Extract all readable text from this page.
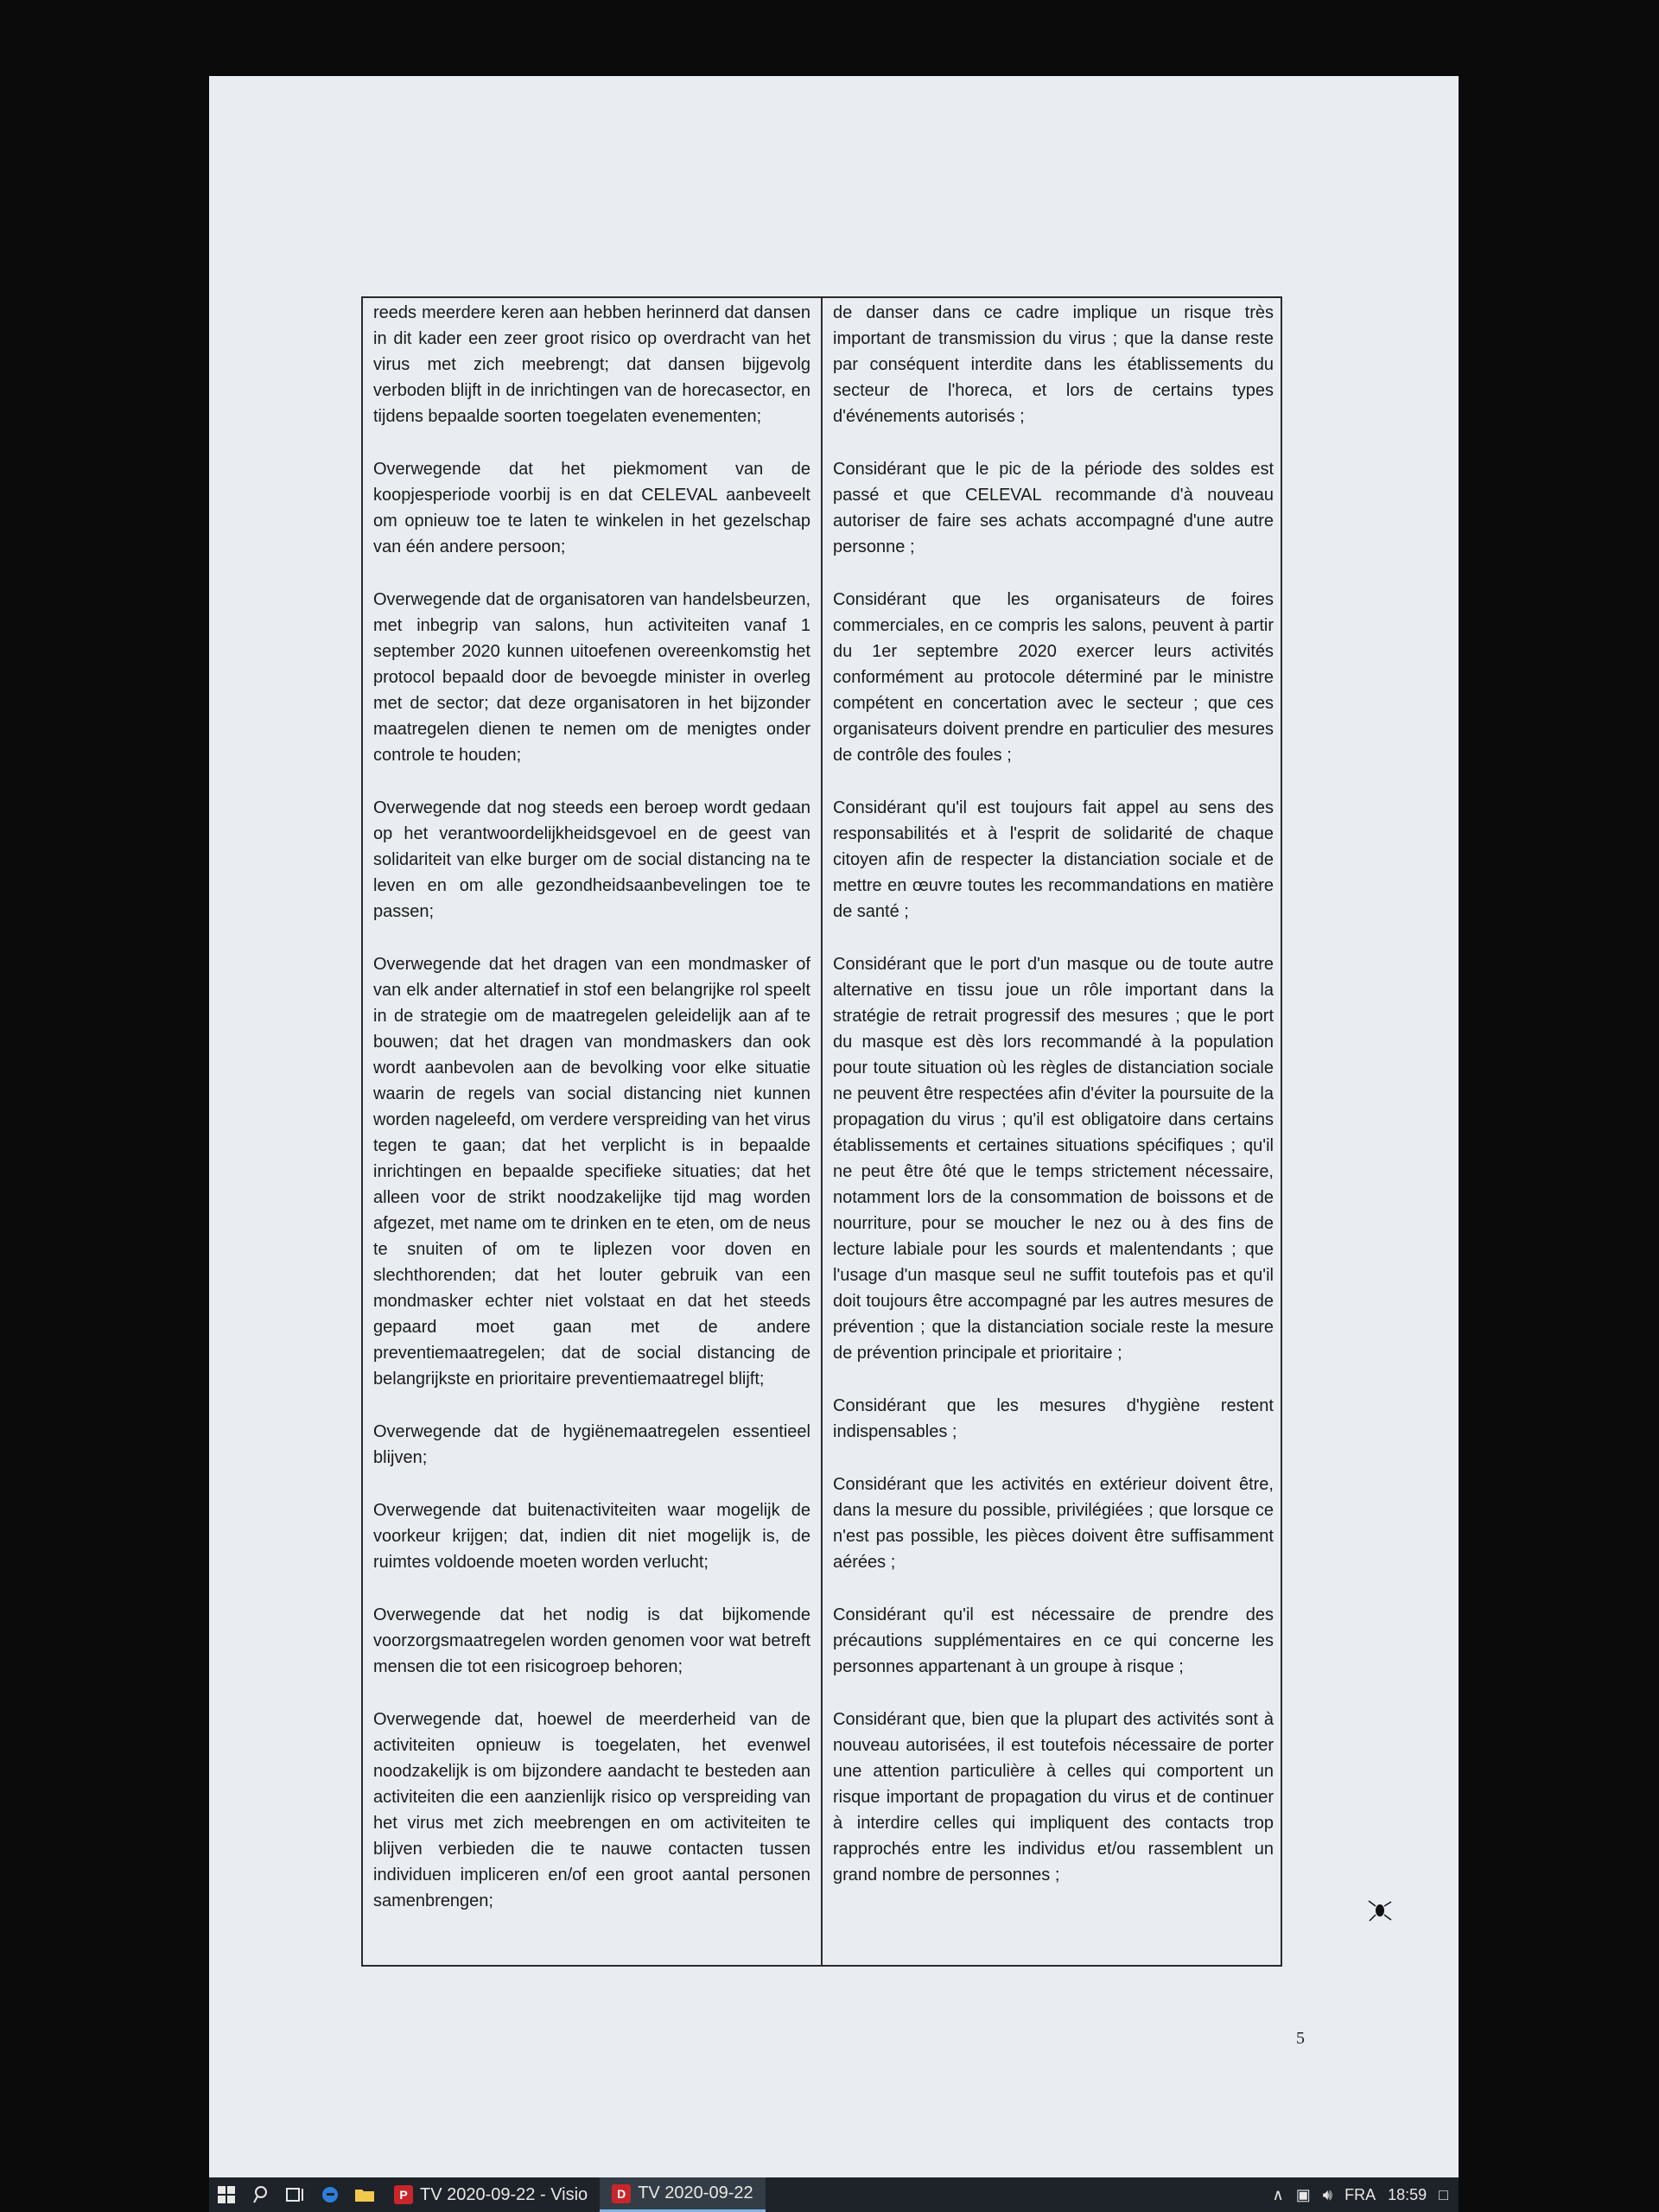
reeds meerdere keren aan hebben herinnerd dat dansen in dit kader een zeer groot risico op overdracht van het virus met zich meebrengt; dat dansen bijgevolg verboden blijft in de inrichtingen van de horecasector, en tijdens bepaalde soorten toegelaten evenementen;

Overwegende dat het piekmoment van de koopjesperiode voorbij is en dat CELEVAL aanbeveelt om opnieuw toe te laten te winkelen in het gezelschap van één andere persoon;

Overwegende dat de organisatoren van handelsbeurzen, met inbegrip van salons, hun activiteiten vanaf 1 september 2020 kunnen uitoefenen overeenkomstig het protocol bepaald door de bevoegde minister in overleg met de sector; dat deze organisatoren in het bijzonder maatregelen dienen te nemen om de menigtes onder controle te houden;

Overwegende dat nog steeds een beroep wordt gedaan op het verantwoordelijkheidsgevoel en de geest van solidariteit van elke burger om de social distancing na te leven en om alle gezondheidsaanbevelingen toe te passen;

Overwegende dat het dragen van een mondmasker of van elk ander alternatief in stof een belangrijke rol speelt in de strategie om de maatregelen geleidelijk aan af te bouwen; dat het dragen van mondmaskers dan ook wordt aanbevolen aan de bevolking voor elke situatie waarin de regels van social distancing niet kunnen worden nageleefd, om verdere verspreiding van het virus tegen te gaan; dat het verplicht is in bepaalde inrichtingen en bepaalde specifieke situaties; dat het alleen voor de strikt noodzakelijke tijd mag worden afgezet, met name om te drinken en te eten, om de neus te snuiten of om te liplezen voor doven en slechthorenden; dat het louter gebruik van een mondmasker echter niet volstaat en dat het steeds gepaard moet gaan met de andere preventiemaatregelen; dat de social distancing de belangrijkste en prioritaire preventiemaatregel blijft;

Overwegende dat de hygiënemaatregelen essentieel blijven;

Overwegende dat buitenactiviteiten waar mogelijk de voorkeur krijgen; dat, indien dit niet mogelijk is, de ruimtes voldoende moeten worden verlucht;

Overwegende dat het nodig is dat bijkomende voorzorgsmaatregelen worden genomen voor wat betreft mensen die tot een risicogroep behoren;

Overwegende dat, hoewel de meerderheid van de activiteiten opnieuw is toegelaten, het evenwel noodzakelijk is om bijzondere aandacht te besteden aan activiteiten die een aanzienlijk risico op verspreiding van het virus met zich meebrengen en om activiteiten te blijven verbieden die te nauwe contacten tussen individuen impliceren en/of een groot aantal personen samenbrengen;

de danser dans ce cadre implique un risque très important de transmission du virus ; que la danse reste par conséquent interdite dans les établissements du secteur de l'horeca, et lors de certains types d'événements autorisés ;

Considérant que le pic de la période des soldes est passé et que CELEVAL recommande d'à nouveau autoriser de faire ses achats accompagné d'une autre personne ;

Considérant que les organisateurs de foires commerciales, en ce compris les salons, peuvent à partir du 1er septembre 2020 exercer leurs activités conformément au protocole déterminé par le ministre compétent en concertation avec le secteur ; que ces organisateurs doivent prendre en particulier des mesures de contrôle des foules ;

Considérant qu'il est toujours fait appel au sens des responsabilités et à l'esprit de solidarité de chaque citoyen afin de respecter la distanciation sociale et de mettre en œuvre toutes les recommandations en matière de santé ;

Considérant que le port d'un masque ou de toute autre alternative en tissu joue un rôle important dans la stratégie de retrait progressif des mesures ; que le port du masque est dès lors recommandé à la population pour toute situation où les règles de distanciation sociale ne peuvent être respectées afin d'éviter la poursuite de la propagation du virus ; qu'il est obligatoire dans certains établissements et certaines situations spécifiques ; qu'il ne peut être ôté que le temps strictement nécessaire, notamment lors de la consommation de boissons et de nourriture, pour se moucher le nez ou à des fins de lecture labiale pour les sourds et malentendants ; que l'usage d'un masque seul ne suffit toutefois pas et qu'il doit toujours être accompagné par les autres mesures de prévention ; que la distanciation sociale reste la mesure de prévention principale et prioritaire ;

Considérant que les mesures d'hygiène restent indispensables ;

Considérant que les activités en extérieur doivent être, dans la mesure du possible, privilégiées ; que lorsque ce n'est pas possible, les pièces doivent être suffisamment aérées ;

Considérant qu'il est nécessaire de prendre des précautions supplémentaires en ce qui concerne les personnes appartenant à un groupe à risque ;

Considérant que, bien que la plupart des activités sont à nouveau autorisées, il est toutefois nécessaire de porter une attention particulière à celles qui comportent un risque important de propagation du virus et de continuer à interdire celles qui impliquent des contacts trop rapprochés entre les individus et/ou rassemblent un grand nombre de personnes ;

5
P TV 2020-09-22 - Visio	D TV 2020-09-22	∧ ▣ 🔊︎ FRA 18:59 □
